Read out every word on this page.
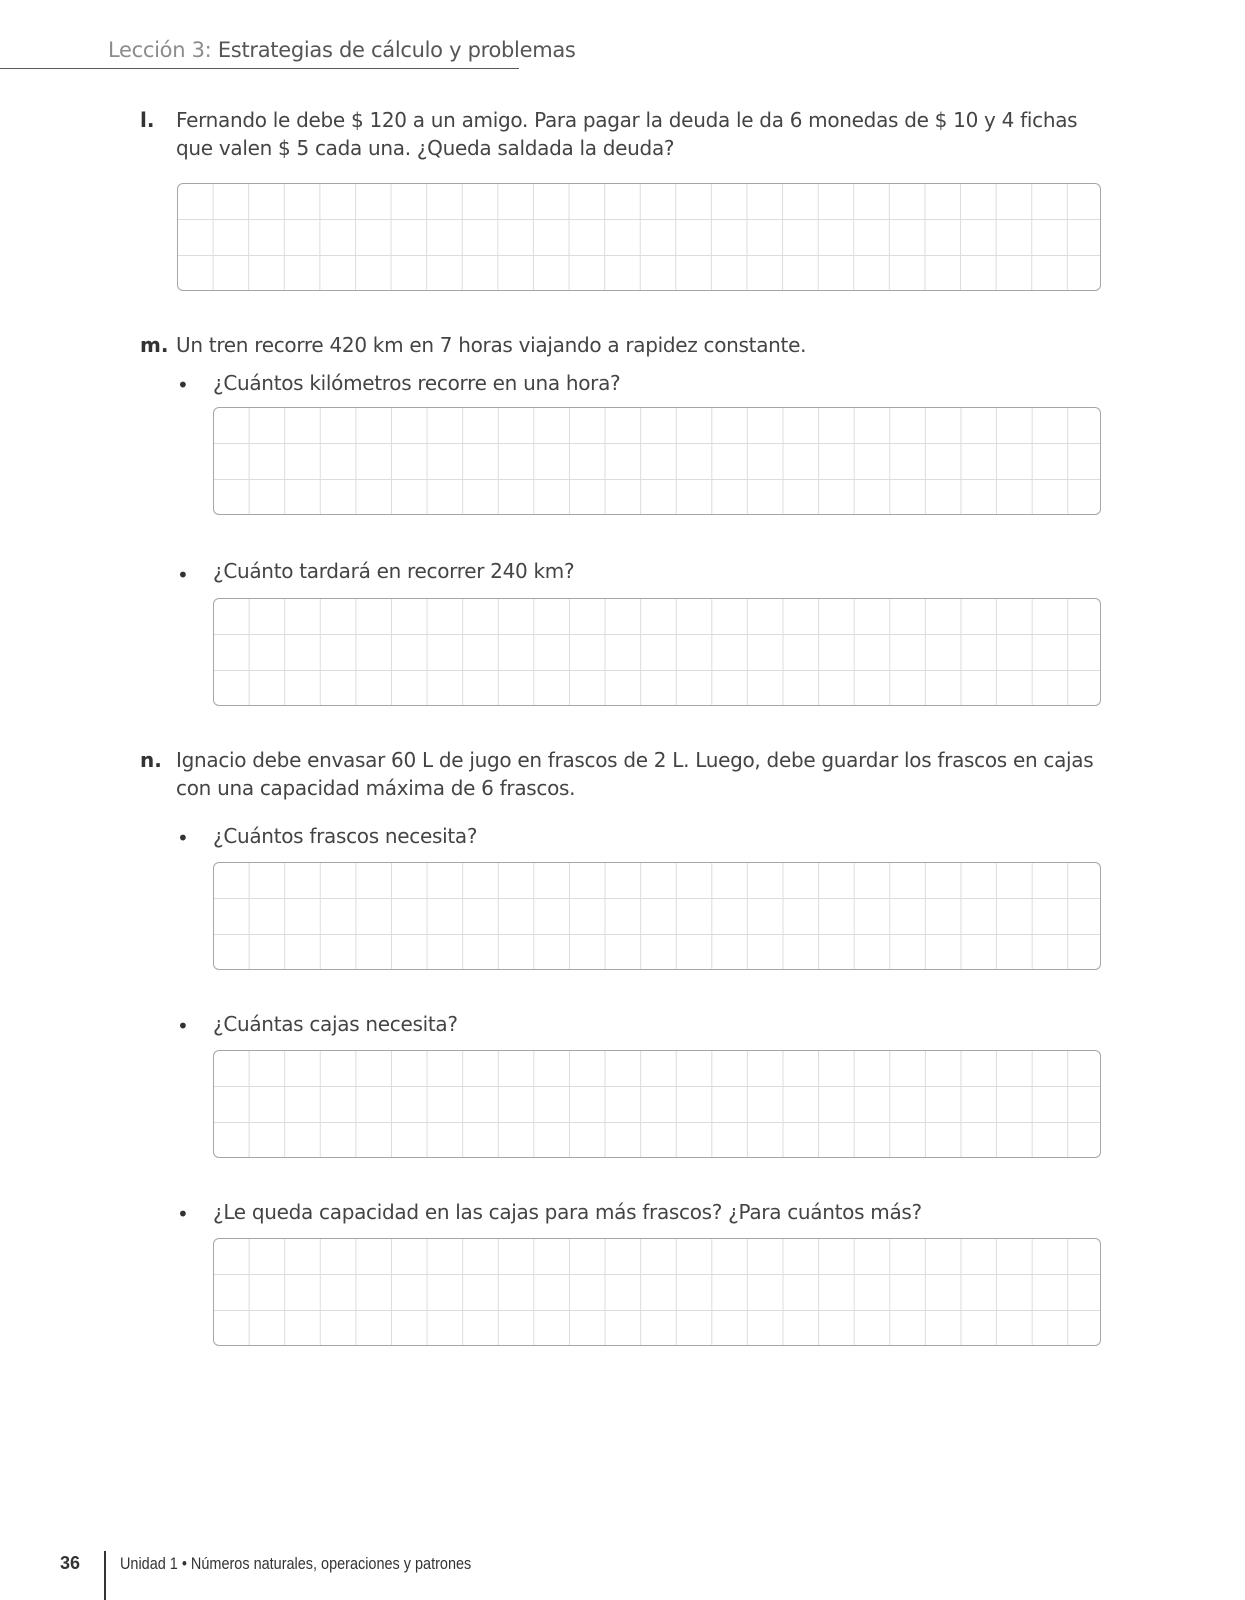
Lección 3: Estrategias de cálculo y problemas
l. Fernando le debe $ 120 a un amigo. Para pagar la deuda le da 6 monedas de $ 10 y 4 fichas que valen $ 5 cada una. ¿Queda saldada la deuda?
m. Un tren recorre 420 km en 7 horas viajando a rapidez constante.
• ¿Cuántos kilómetros recorre en una hora?
• ¿Cuánto tardará en recorrer 240 km?
n. Ignacio debe envasar 60 L de jugo en frascos de 2 L. Luego, debe guardar los frascos en cajas con una capacidad máxima de 6 frascos.
• ¿Cuántos frascos necesita?
• ¿Cuántas cajas necesita?
• ¿Le queda capacidad en las cajas para más frascos? ¿Para cuántos más?
36 Unidad 1 • Números naturales, operaciones y patrones
